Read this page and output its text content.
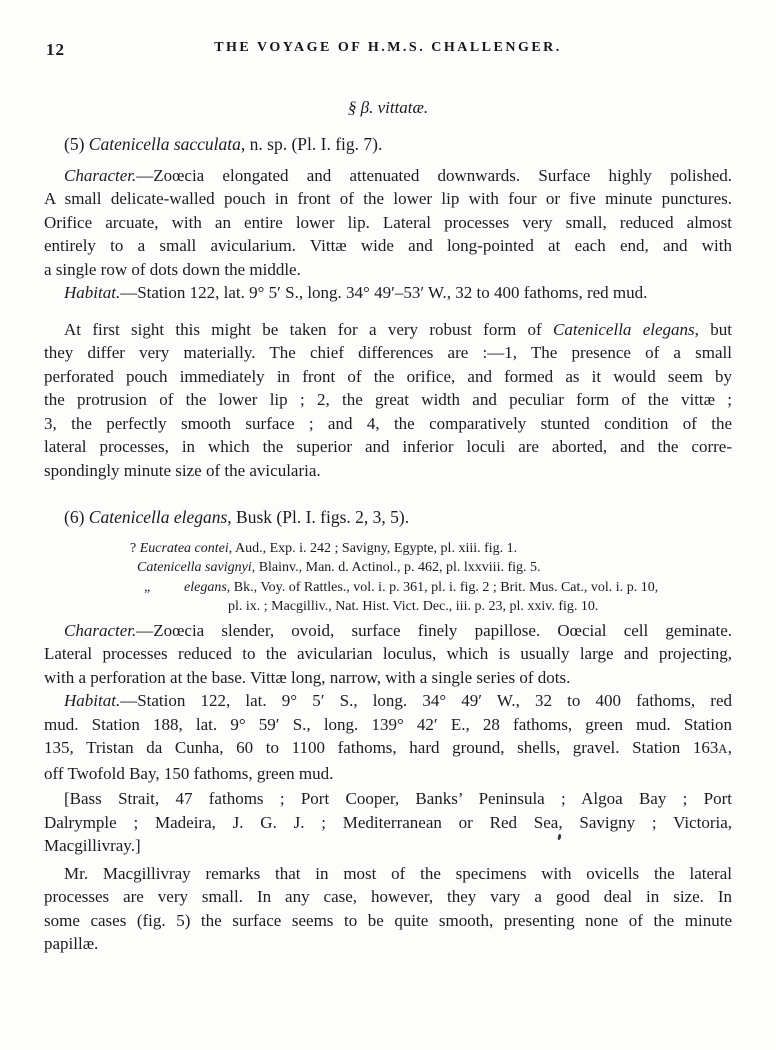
12	THE VOYAGE OF H.M.S. CHALLENGER.
§ β. vittatæ.
(5) Catenicella sacculata, n. sp. (Pl. I. fig. 7).
Character.—Zoœcia elongated and attenuated downwards. Surface highly polished.
A small delicate-walled pouch in front of the lower lip with four or five minute punctures.
Orifice arcuate, with an entire lower lip. Lateral processes very small, reduced almost
entirely to a small avicularium. Vittæ wide and long-pointed at each end, and with
a single row of dots down the middle.
Habitat.—Station 122, lat. 9° 5′ S., long. 34° 49′–53′ W., 32 to 400 fathoms, red mud.
At first sight this might be taken for a very robust form of Catenicella elegans, but
they differ very materially. The chief differences are :—1, The presence of a small
perforated pouch immediately in front of the orifice, and formed as it would seem by
the protrusion of the lower lip ; 2, the great width and peculiar form of the vittæ ;
3, the perfectly smooth surface ; and 4, the comparatively stunted condition of the
lateral processes, in which the superior and inferior loculi are aborted, and the corre-
spondingly minute size of the avicularia.
(6) Catenicella elegans, Busk (Pl. I. figs. 2, 3, 5).
? Eucratea contei, Aud., Exp. i. 242 ; Savigny, Egypte, pl. xiii. fig. 1.
Catenicella savignyi, Blainv., Man. d. Actinol., p. 462, pl. lxxviii. fig. 5.
„ elegans, Bk., Voy. of Rattles., vol. i. p. 361, pl. i. fig. 2 ; Brit. Mus. Cat., vol. i. p. 10,
pl. ix. ; Macgilliv., Nat. Hist. Vict. Dec., iii. p. 23, pl. xxiv. fig. 10.
Character.—Zoœcia slender, ovoid, surface finely papillose. Oœcial cell geminate.
Lateral processes reduced to the avicularian loculus, which is usually large and projecting,
with a perforation at the base. Vittæ long, narrow, with a single series of dots.
Habitat.—Station 122, lat. 9° 5′ S., long. 34° 49′ W., 32 to 400 fathoms, red
mud. Station 188, lat. 9° 59′ S., long. 139° 42′ E., 28 fathoms, green mud. Station
135, Tristan da Cunha, 60 to 1100 fathoms, hard ground, shells, gravel. Station 163A,
off Twofold Bay, 150 fathoms, green mud.
[Bass Strait, 47 fathoms ; Port Cooper, Banks’ Peninsula ; Algoa Bay ; Port
Dalrymple ; Madeira, J. G. J. ; Mediterranean or Red Sea, Savigny ; Victoria,
Macgillivray.]
Mr. Macgillivray remarks that in most of the specimens with ovicells the lateral
processes are very small. In any case, however, they vary a good deal in size. In
some cases (fig. 5) the surface seems to be quite smooth, presenting none of the minute
papillæ.
